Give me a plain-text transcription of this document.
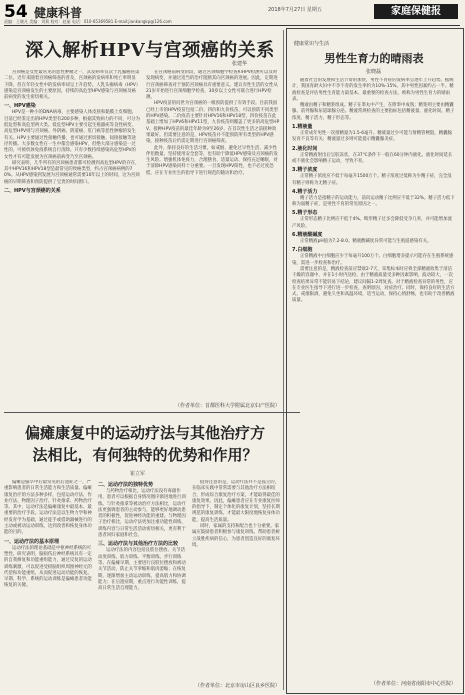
54 健康科普
责编：王晓凡 美编：刘莉 校对：赵丽 电话：010-65369581 E-mail:jiankangkp@126.com
2018年7月27日 星期五	家庭保健报
深入解析HPV与宫颈癌的关系
张建华

宫颈癌是女性最常见的恶性肿瘤之一，其发病率仅次于乳腺癌居第二位。近年来随着宫颈癌筛查的普及，宫颈癌的发病率和死亡率明显下降，但在年轻女性中的发病率却呈上升趋势。人乳头瘤病毒（HPV）感染是宫颈癌发生的主要原因，持续的高危型HPV感染与宫颈癌及癌前病变的发生密切相关。

一、HPV感染

HPV是一种小的DNA病毒，主要感染人体皮肤和黏膜上皮细胞。目前已经鉴定出的HPV类型有200多种，根据其致病力的不同，可分为低危型和高危型两大类。低危型HPV主要引起生殖器疣等良性病变，高危型HPV则与宫颈癌、外阴癌、阴道癌、肛门癌等恶性肿瘤的发生有关。HPV主要通过性接触传播，也可通过密切接触、间接接触等途径传播。大多数女性在一生中都会感染HPV，但绝大部分感染是一过性的，可被机体免疫系统自行清除。只有少数持续感染高危型HPV的女性才有可能发展为宫颈癌前病变乃至宫颈癌。

研究表明，几乎所有的宫颈癌患者都可检测到高危型HPV的存在，其中HPV16和HPV18型是最常见的致癌类型，约占宫颈癌病例的70%。从HPV感染到发展为宫颈癌通常需要10年以上的时间，这为宫颈癌的早期筛查和预防提供了宝贵的时间窗口。

二、HPV与宫颈癌的关系

在宫颈癌前病变阶段，通过宫颈细胞学检查和HPV检测可以及时发现病变，并通过适当的治疗阻断其向宫颈癌的进展。因此，定期进行宫颈癌筛查对于预防宫颈癌具有重要意义。建议有性生活的女性从21岁开始进行宫颈细胞学检查，30岁以上女性可联合进行HPV检测。

HPV疫苗的问世为宫颈癌的一级预防提供了有效手段。目前我国已经上市的HPV疫苗包括二价、四价和九价疫苗，可以预防不同类型的HPV感染。二价疫苗主要针对HPV16和HPV18型，四价疫苗在此基础上增加了HPV6和HPV11型，九价疫苗则覆盖了更多的高危型HPV。接种HPV疫苗的最佳年龄为9至26岁，在首次性生活之前接种效果最好。但需要注意的是，HPV疫苗并不能预防所有类型的HPV感染，接种疫苗后仍需定期进行宫颈癌筛查。

此外，保持良好的生活习惯，如戒烟、避免过早性生活、减少性伴侣数量、坚持使用安全套等，也有助于降低HPV感染及宫颈癌的发生风险。增强机体免疫力，合理膳食、适量运动、保持充足睡眠，对于清除HPV感染同样十分重要。一旦发现HPV阳性，也不必过度恐慌，应在专业医生的指导下进行规范的随访和治疗。

（作者单位：首都医科大学附属北京妇产医院）
偏瘫康复中的运动疗法与其他治疗方
法相比，有何独特的优势和作用？
崔立军

偏瘫是脑卒中后最常见的后遗症之一，严重影响患者的日常生活能力和生活质量。偏瘫康复治疗的方法多种多样，包括运动疗法、作业疗法、物理因子治疗、针灸推拿、药物治疗等。其中，运动疗法是偏瘫康复中最基本、最重要的治疗手段。运动疗法是以生物力学和神经发育学为基础，通过徒手或借助器械进行的主动或被动运动训练，达到改善和恢复身体功能的目的。

一、运动疗法的基本原理

运动疗法的理论基础是中枢神经系统的可塑性。研究表明，脑损伤后神经系统具有一定的自我修复和功能重组能力，通过反复的运动训练刺激，可以促进受损脑组织周围神经元的代偿和功能重组，从而促进运动功能的恢复。早期、科学、系统的运动训练是偏瘫患者功能恢复的关键。

二、运动疗法的独特优势

与药物治疗相比，运动疗法没有毒副作用，患者可以根据自身情况循序渐进地进行训练。与针灸推拿等被动治疗方法相比，运动疗法更强调患者的主动参与，能够更好地调动患者的积极性，促进神经功能的重建。与物理因子治疗相比，运动疗法更加注重功能性训练，训练内容与日常生活活动密切相关，更有利于患者回归家庭和社会。

三、运动疗法与其他治疗方法的比较

运动疗法的内容包括良肢位摆放、关节活动度训练、肌力训练、平衡训练、步行训练等。在偏瘫早期，主要进行良肢位摆放和被动关节活动，防止关节挛缩和肌肉萎缩；在恢复期，逐渐增加主动运动训练，提高肌力和协调能力；在后遗症期，重点进行功能性训练，提高日常生活自理能力。

值得注意的是，运动疗法并不是孤立的，在临床实践中常常需要与其他治疗方法相结合，形成综合康复治疗方案，才能取得最佳的康复效果。因此，偏瘫患者应在专业康复医师的指导下，制定个体化的康复计划，坚持长期规范的康复训练，才能最大限度地恢复身体功能，提高生活质量。

同时，家属的支持和配合也十分重要。家属应鼓励患者积极参与康复训练，帮助患者树立战胜疾病的信心，为患者创造良好的康复环境。

（作者单位：北京市房山区良乡医院）
健康常识与生活
男性生育力的晴雨表
张晓磊

随着社会的发展和生活节奏的加快，男性不育症的发病率呈逐年上升趋势。据统计，我国育龄夫妇中不孕不育的发生率约为10%-15%，其中男性因素约占一半。精液检查是评估男性生育能力最基本、最重要的检查方法，被称为男性生育力的晴雨表。

精液由精子和精浆组成。精子在睾丸中产生，在附睾中成熟；精浆则主要由精囊腺、前列腺和尿道球腺分泌。精液常规检查的主要指标包括精液量、液化时间、精子浓度、精子活力、精子形态等。

1.精液量

正常成年男性一次排精量为1.5-6毫升。精液量过少可能与射精管梗阻、精囊腺发育不良等有关；精液量过多则可能提示精囊腺炎症。

2.液化时间

正常精液射出后呈胶冻状，在37℃条件下一般在60分钟内液化。液化时间延长或不液化会影响精子运动，导致不育。

3.精子浓度

正常精子浓度应不低于每毫升1500万个。精子浓度过低称为少精子症，完全没有精子则称为无精子症。

4.精子活力

精子活力是指精子的运动能力，前向运动精子比例应不低于32%。精子活力低下称为弱精子症，是男性不育的常见原因之一。

5.精子形态

正常形态精子比例应不低于4%。畸形精子过多会降低受孕几率，并可能增加流产风险。

6.精液酸碱度

正常精液pH值为7.2-8.0。精液酸碱度异常可能与生殖道感染有关。

7.白细胞

正常精液中白细胞应少于每毫升100万个。白细胞增多提示可能存在生殖系统感染，需进一步检查和治疗。

需要注意的是，精液检查前应禁欲2-7天，采集标本时应将全部精液收集于清洁干燥的容器中，并在1小时内送检。由于精液质量受多种因素影响，波动较大，一次检查结果异常不能轻易下结论，建议间隔1-2周复查。对于精液检查异常的男性，应在专业医生指导下进行进一步检查，查明原因，对症治疗。同时，保持良好的生活方式，戒烟限酒，避免久坐和高温环境，适当运动，保持心情舒畅，也有助于改善精液质量。

（作者单位：河南省南阳市中心医院）
